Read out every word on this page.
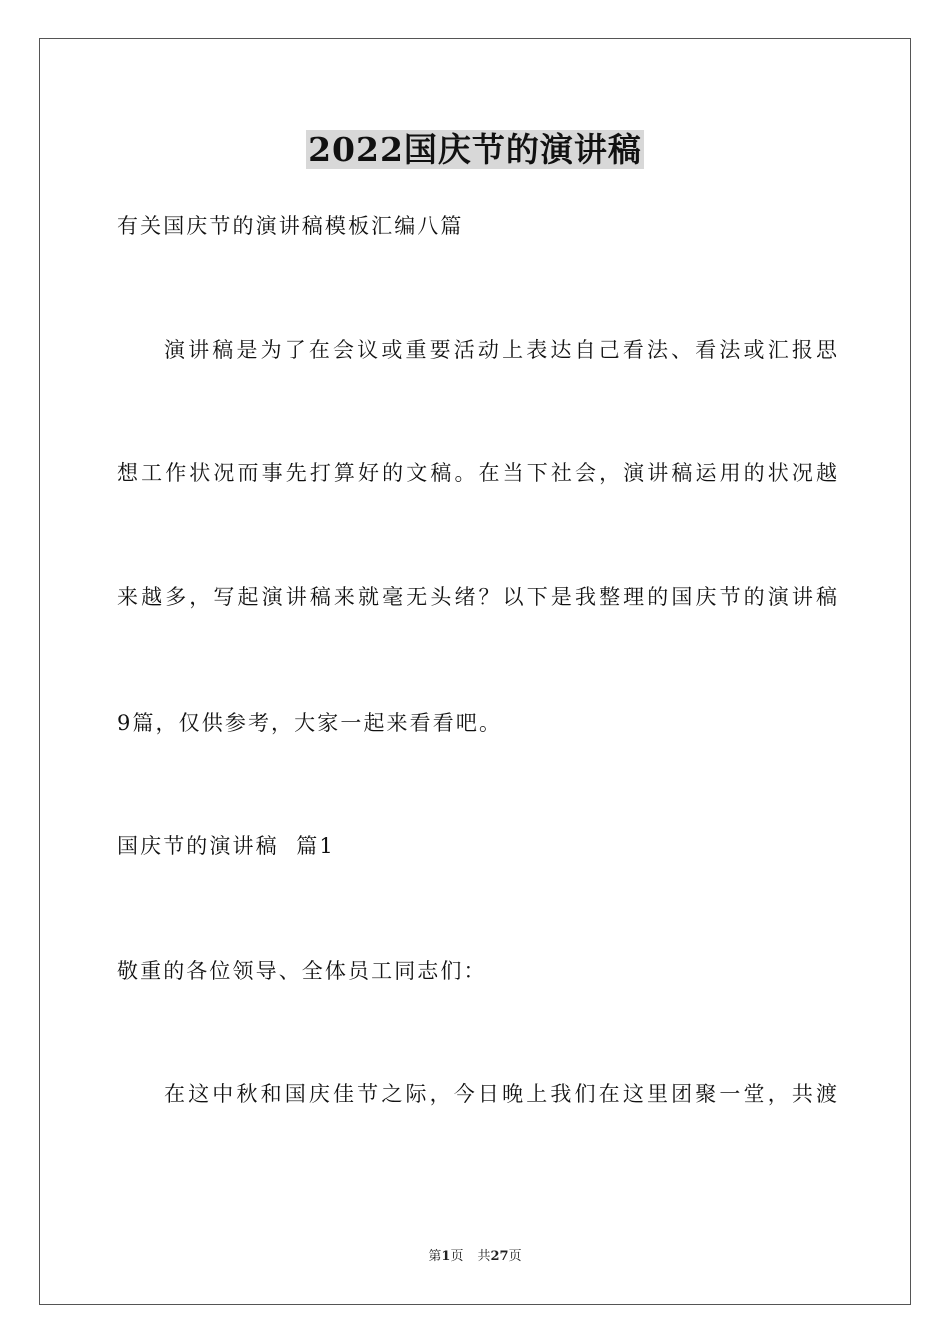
2022国庆节的演讲稿
有关国庆节的演讲稿模板汇编八篇
演讲稿是为了在会议或重要活动上表达自己看法、看法或汇报思
想工作状况而事先打算好的文稿。在当下社会，演讲稿运用的状况越
来越多，写起演讲稿来就毫无头绪？以下是我整理的国庆节的演讲稿
9篇，仅供参考，大家一起来看看吧。
国庆节的演讲稿  篇1
敬重的各位领导、全体员工同志们：
在这中秋和国庆佳节之际，今日晚上我们在这里团聚一堂，共渡
第1页 共27页
